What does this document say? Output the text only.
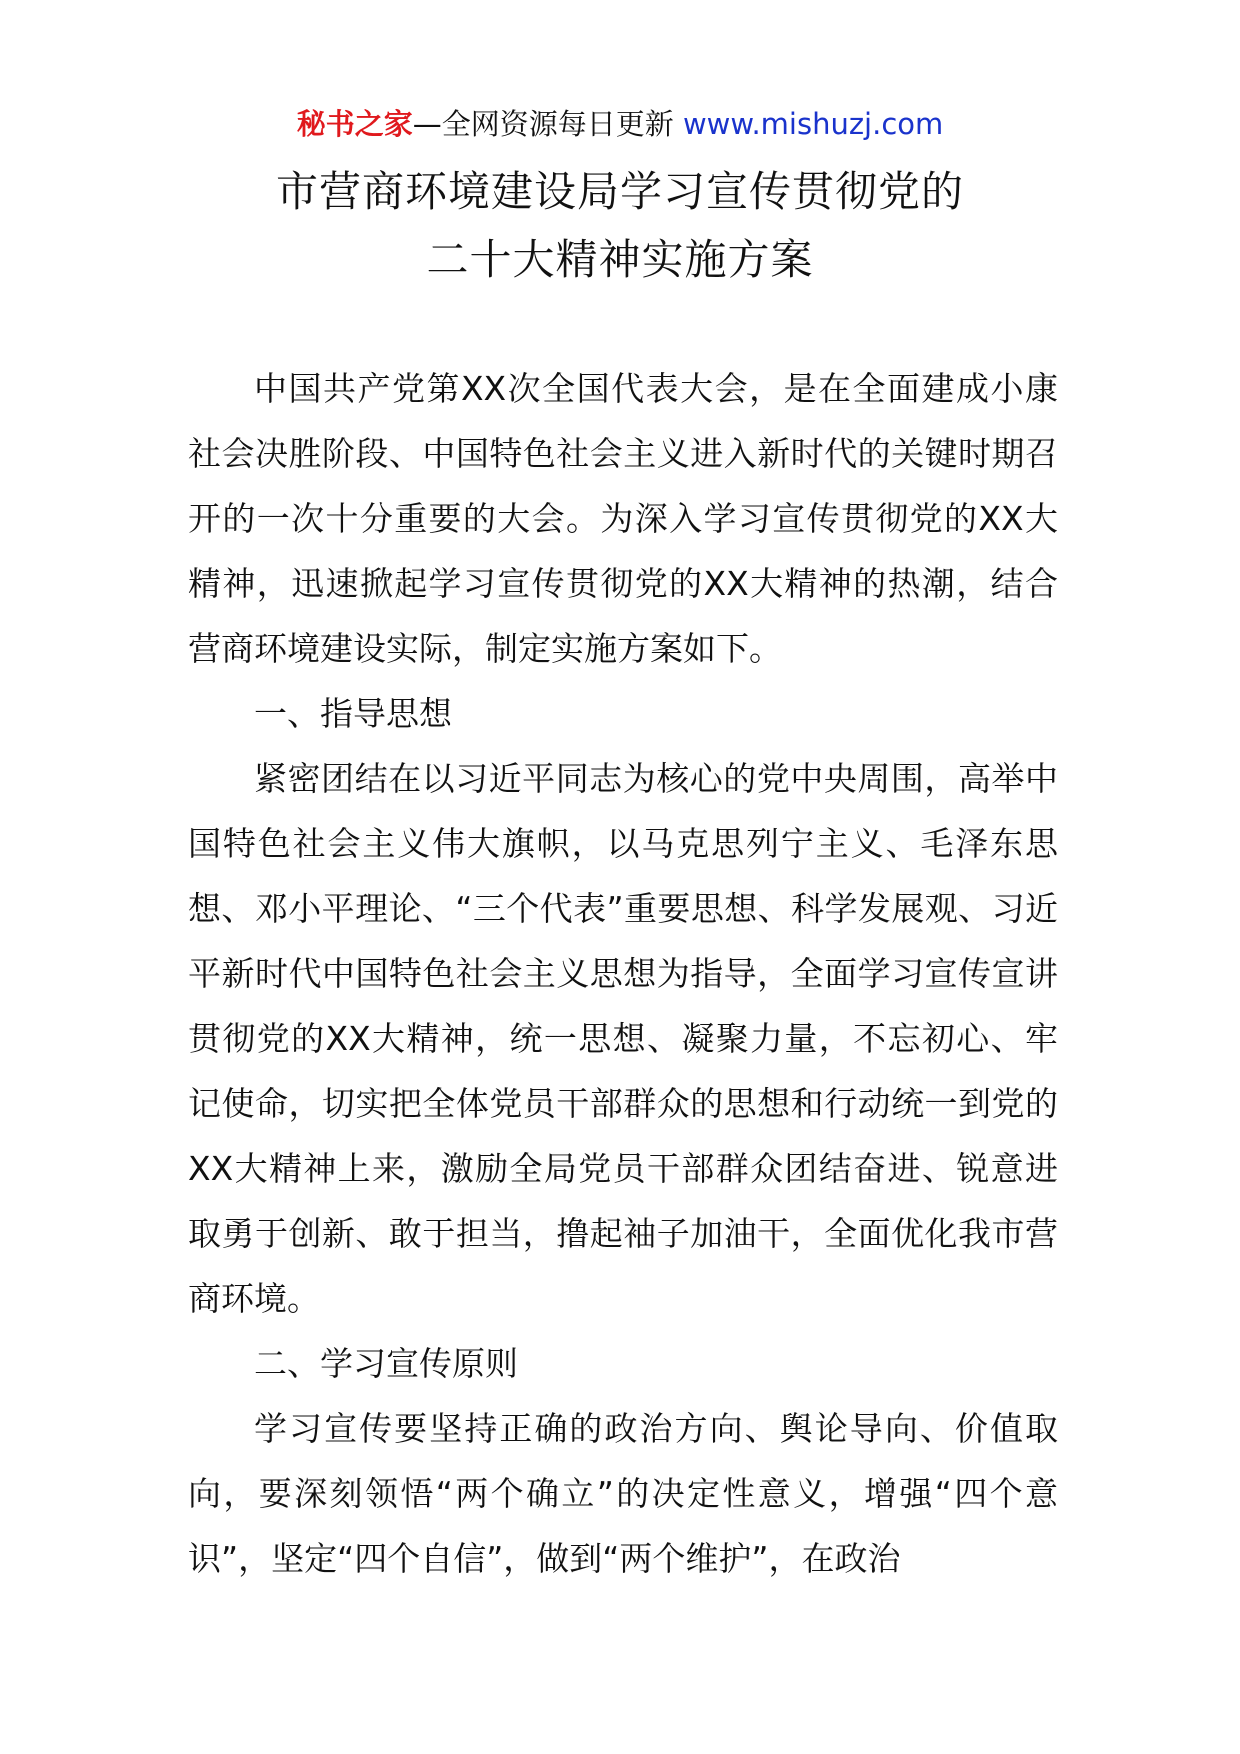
秘书之家—全网资源每日更新 www.mishuzj.com
市营商环境建设局学习宣传贯彻党的
二十大精神实施方案

中国共产党第XX次全国代表大会，是在全面建成小康社会决胜阶段、中国特色社会主义进入新时代的关键时期召开的一次十分重要的大会。为深入学习宣传贯彻党的XX大精神，迅速掀起学习宣传贯彻党的XX大精神的热潮，结合营商环境建设实际，制定实施方案如下。

一、指导思想

紧密团结在以习近平同志为核心的党中央周围，高举中国特色社会主义伟大旗帜，以马克思列宁主义、毛泽东思想、邓小平理论、“三个代表”重要思想、科学发展观、习近平新时代中国特色社会主义思想为指导，全面学习宣传宣讲贯彻党的XX大精神，统一思想、凝聚力量，不忘初心、牢记使命，切实把全体党员干部群众的思想和行动统一到党的XX大精神上来，激励全局党员干部群众团结奋进、锐意进取勇于创新、敢于担当，撸起袖子加油干，全面优化我市营商环境。

二、学习宣传原则

学习宣传要坚持正确的政治方向、舆论导向、价值取向，要深刻领悟“两个确立”的决定性意义，增强“四个意识”，坚定“四个自信”，做到“两个维护”，在政治
